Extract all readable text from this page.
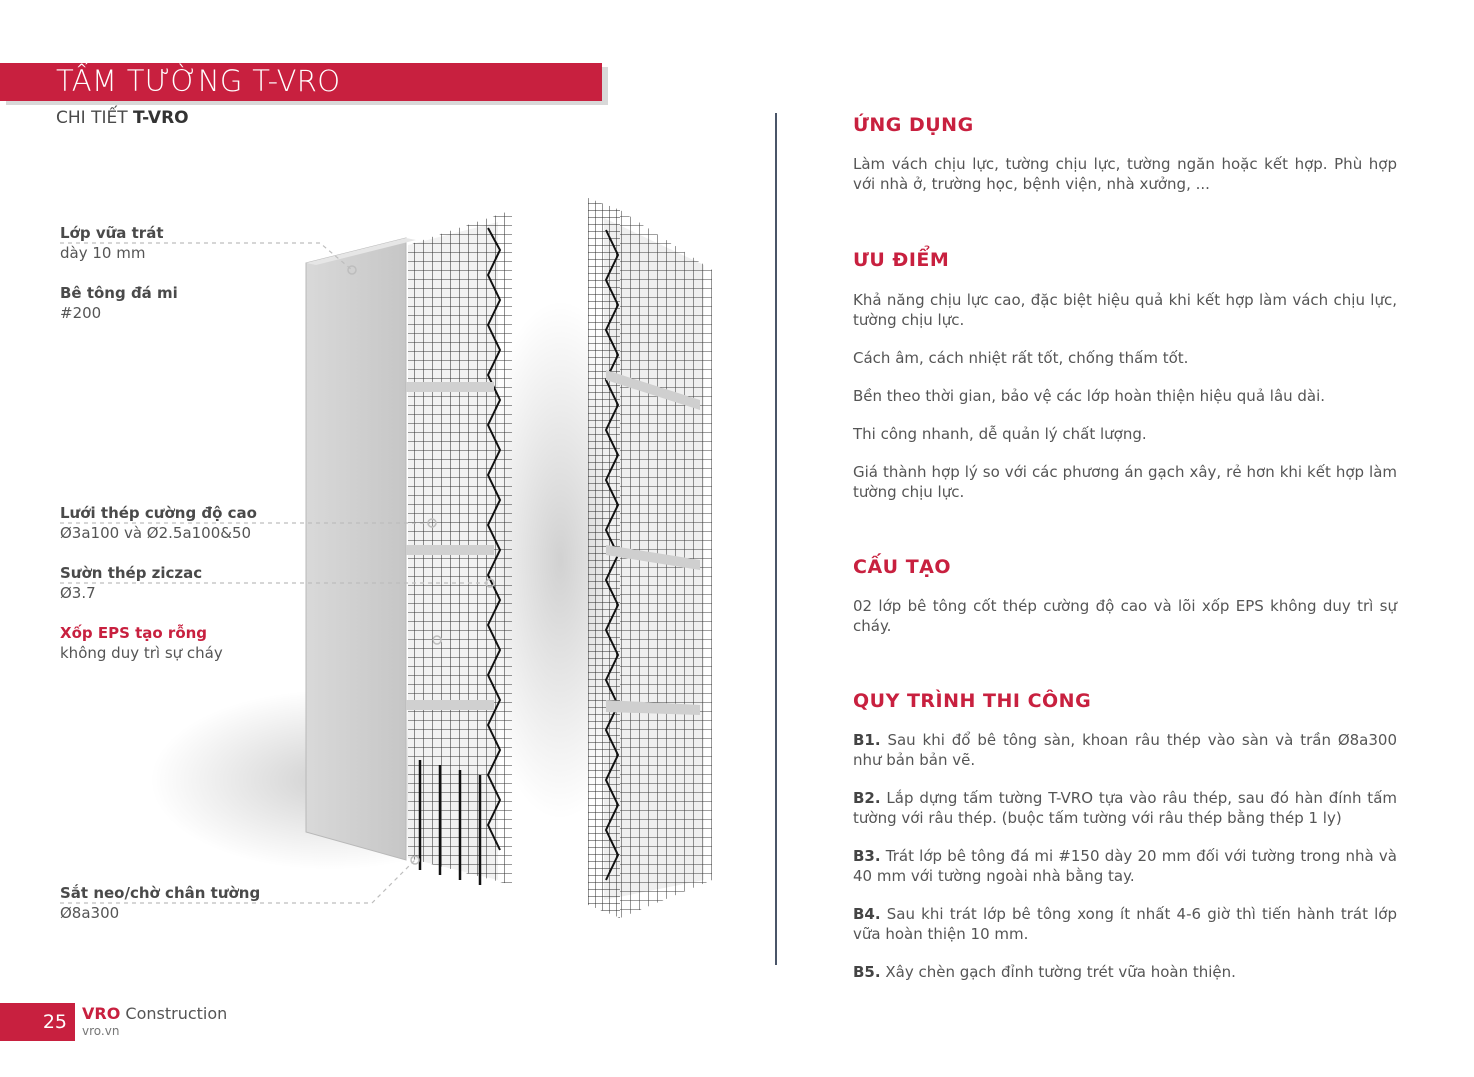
TẤM TƯỜNG T-VRO
CHI TIẾT T-VRO
Lớp vữa trát
dày 10 mm
Bê tông đá mi
#200
Lưới thép cường độ cao
Ø3a100 và Ø2.5a100&50
Sườn thép ziczac
Ø3.7
Xốp EPS tạo rỗng
không duy trì sự cháy
Sắt neo/chờ chân tường
Ø8a300
ỨNG DỤNG

Làm vách chịu lực, tường chịu lực, tường ngăn hoặc kết hợp. Phù hợp với nhà ở, trường học, bệnh viện, nhà xưởng, ...

ƯU ĐIỂM

Khả năng chịu lực cao, đặc biệt hiệu quả khi kết hợp làm vách chịu lực, tường chịu lực.

Cách âm, cách nhiệt rất tốt, chống thấm tốt.

Bền theo thời gian, bảo vệ các lớp hoàn thiện hiệu quả lâu dài.

Thi công nhanh, dễ quản lý chất lượng.

Giá thành hợp lý so với các phương án gạch xây, rẻ hơn khi kết hợp làm tường chịu lực.

CẤU TẠO

02 lớp bê tông cốt thép cường độ cao và lõi xốp EPS không duy trì sự cháy.

QUY TRÌNH THI CÔNG

B1. Sau khi đổ bê tông sàn, khoan râu thép vào sàn và trần Ø8a300 như bản bản vẽ.

B2. Lắp dựng tấm tường T-VRO tựa vào râu thép, sau đó hàn đính tấm tường với râu thép. (buộc tấm tường với râu thép bằng thép 1 ly)

B3. Trát lớp bê tông đá mi #150 dày 20 mm đối với tường trong nhà và 40 mm với tường ngoài nhà bằng tay.

B4. Sau khi trát lớp bê tông xong ít nhất 4-6 giờ thì tiến hành trát lớp vữa hoàn thiện 10 mm.

B5. Xây chèn gạch đỉnh tường trét vữa hoàn thiện.

25 VRO Construction
vro.vn
